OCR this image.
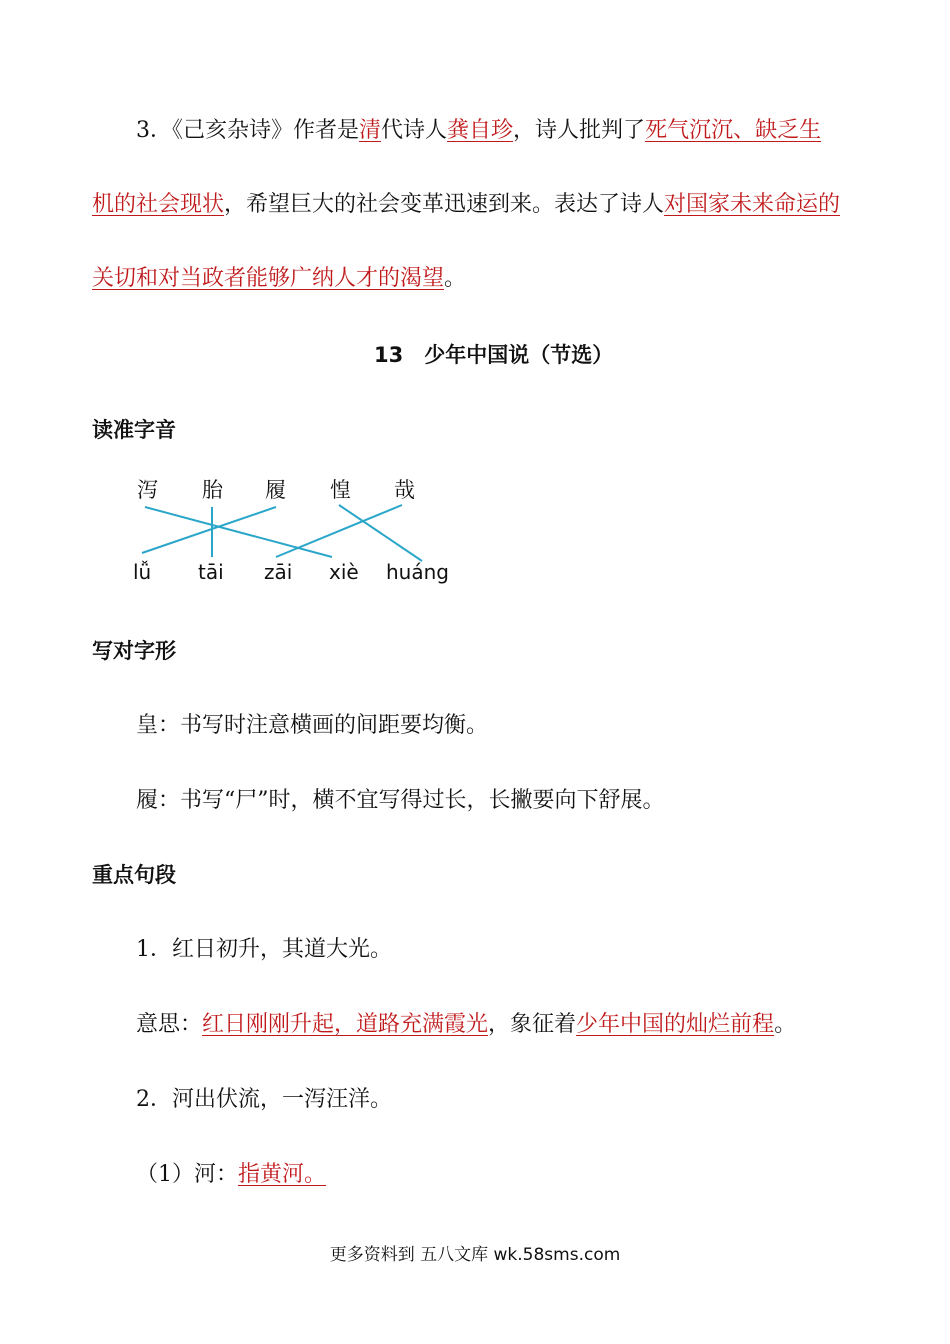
3．《己亥杂诗》作者是清代诗人龚自珍，诗人批判了死气沉沉、缺乏生
机的社会现状，希望巨大的社会变革迅速到来。表达了诗人对国家未来命运的
关切和对当政者能够广纳人才的渴望。
13　少年中国说（节选）
读准字音
泻 胎 履 惶 哉
lǚ tāi zāi xiè huáng
写对字形
皇：书写时注意横画的间距要均衡。
履：书写“尸”时，横不宜写得过长，长撇要向下舒展。
重点句段
1．红日初升，其道大光。
意思：红日刚刚升起，道路充满霞光，象征着少年中国的灿烂前程。
2．河出伏流，一泻汪洋。
（1）河：指黄河。
更多资料到 五八文库 wk.58sms.com
